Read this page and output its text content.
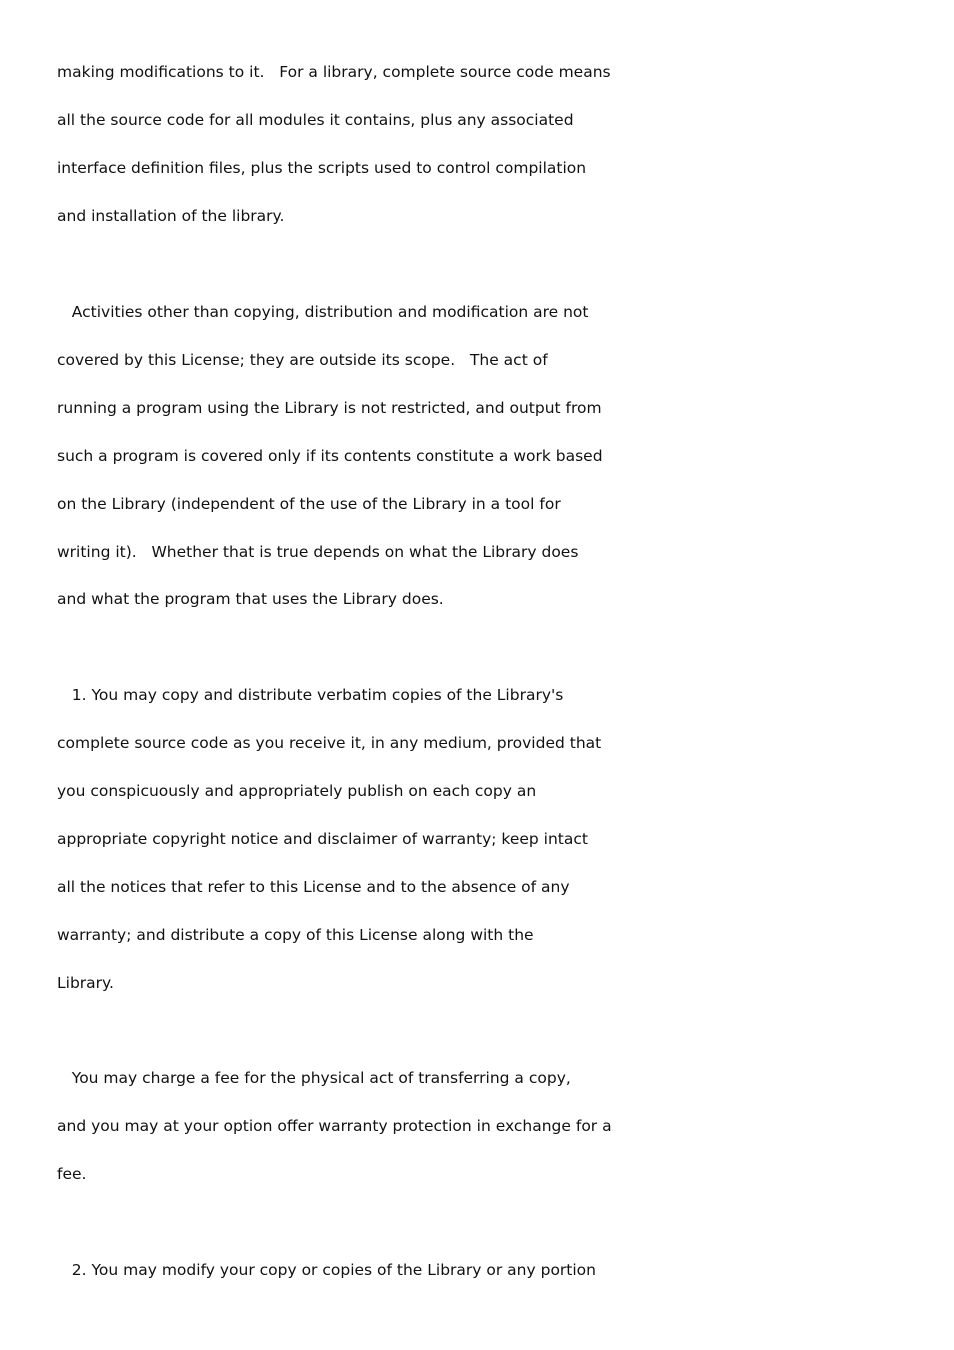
making modifications to it.   For a library, complete source code means
all the source code for all modules it contains, plus any associated
interface definition files, plus the scripts used to control compilation
and installation of the library.
Activities other than copying, distribution and modification are not
covered by this License; they are outside its scope.   The act of
running a program using the Library is not restricted, and output from
such a program is covered only if its contents constitute a work based
on the Library (independent of the use of the Library in a tool for
writing it).   Whether that is true depends on what the Library does
and what the program that uses the Library does.
1. You may copy and distribute verbatim copies of the Library's
complete source code as you receive it, in any medium, provided that
you conspicuously and appropriately publish on each copy an
appropriate copyright notice and disclaimer of warranty; keep intact
all the notices that refer to this License and to the absence of any
warranty; and distribute a copy of this License along with the
Library.
You may charge a fee for the physical act of transferring a copy,
and you may at your option offer warranty protection in exchange for a
fee.
2. You may modify your copy or copies of the Library or any portion
